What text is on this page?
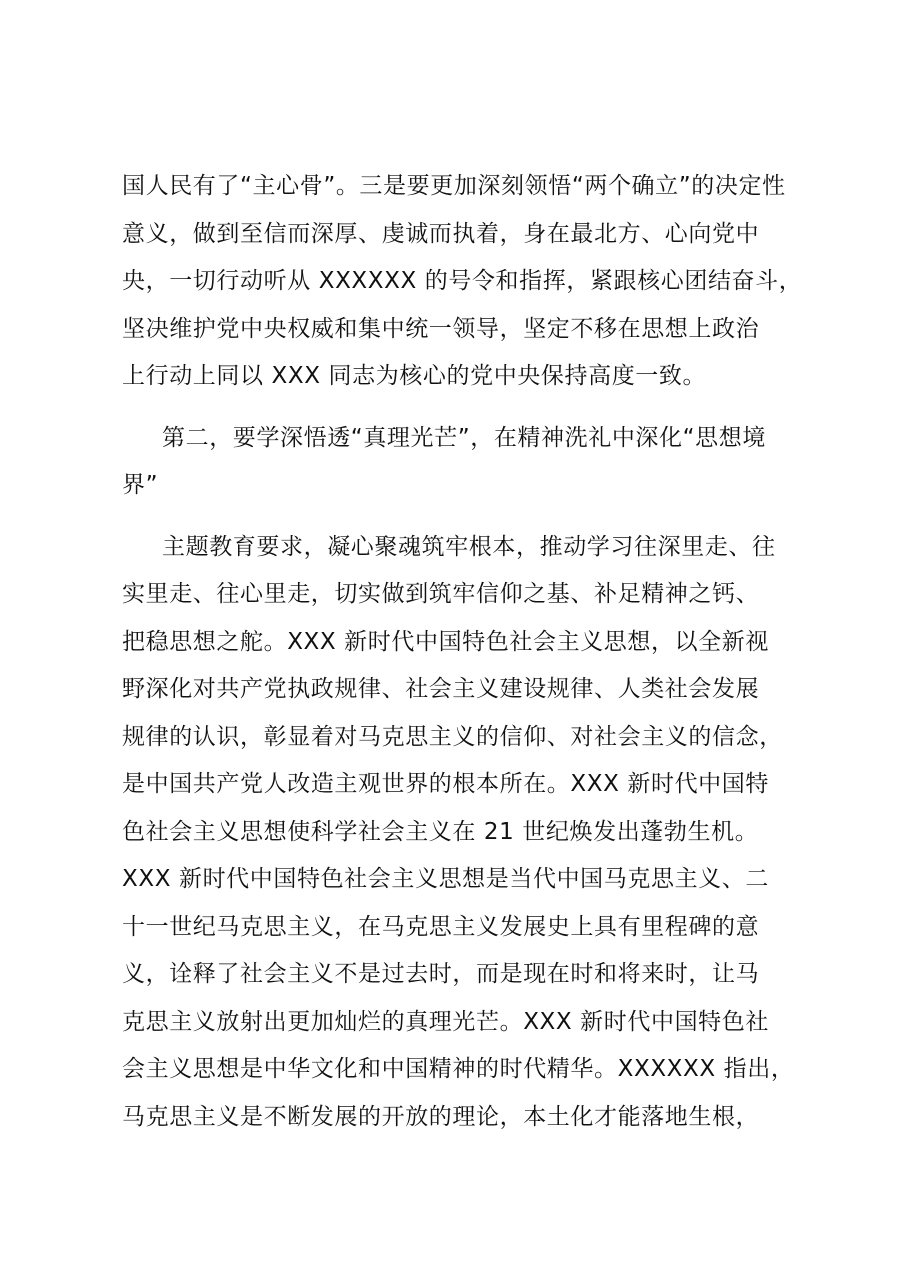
国人民有了“主心骨”。三是要更加深刻领悟“两个确立”的决定性
意义，做到至信而深厚、虔诚而执着，身在最北方、心向党中
央，一切行动听从 XXXXXX 的号令和指挥，紧跟核心团结奋斗，
坚决维护党中央权威和集中统一领导，坚定不移在思想上政治
上行动上同以 XXX 同志为核心的党中央保持高度一致。
第二，要学深悟透“真理光芒”，在精神洗礼中深化“思想境
界”
主题教育要求，凝心聚魂筑牢根本，推动学习往深里走、往
实里走、往心里走，切实做到筑牢信仰之基、补足精神之钙、
把稳思想之舵。XXX 新时代中国特色社会主义思想，以全新视
野深化对共产党执政规律、社会主义建设规律、人类社会发展
规律的认识，彰显着对马克思主义的信仰、对社会主义的信念，
是中国共产党人改造主观世界的根本所在。XXX 新时代中国特
色社会主义思想使科学社会主义在 21 世纪焕发出蓬勃生机。
XXX 新时代中国特色社会主义思想是当代中国马克思主义、二
十一世纪马克思主义，在马克思主义发展史上具有里程碑的意
义，诠释了社会主义不是过去时，而是现在时和将来时，让马
克思主义放射出更加灿烂的真理光芒。XXX 新时代中国特色社
会主义思想是中华文化和中国精神的时代精华。XXXXXX 指出，
马克思主义是不断发展的开放的理论，本土化才能落地生根，
